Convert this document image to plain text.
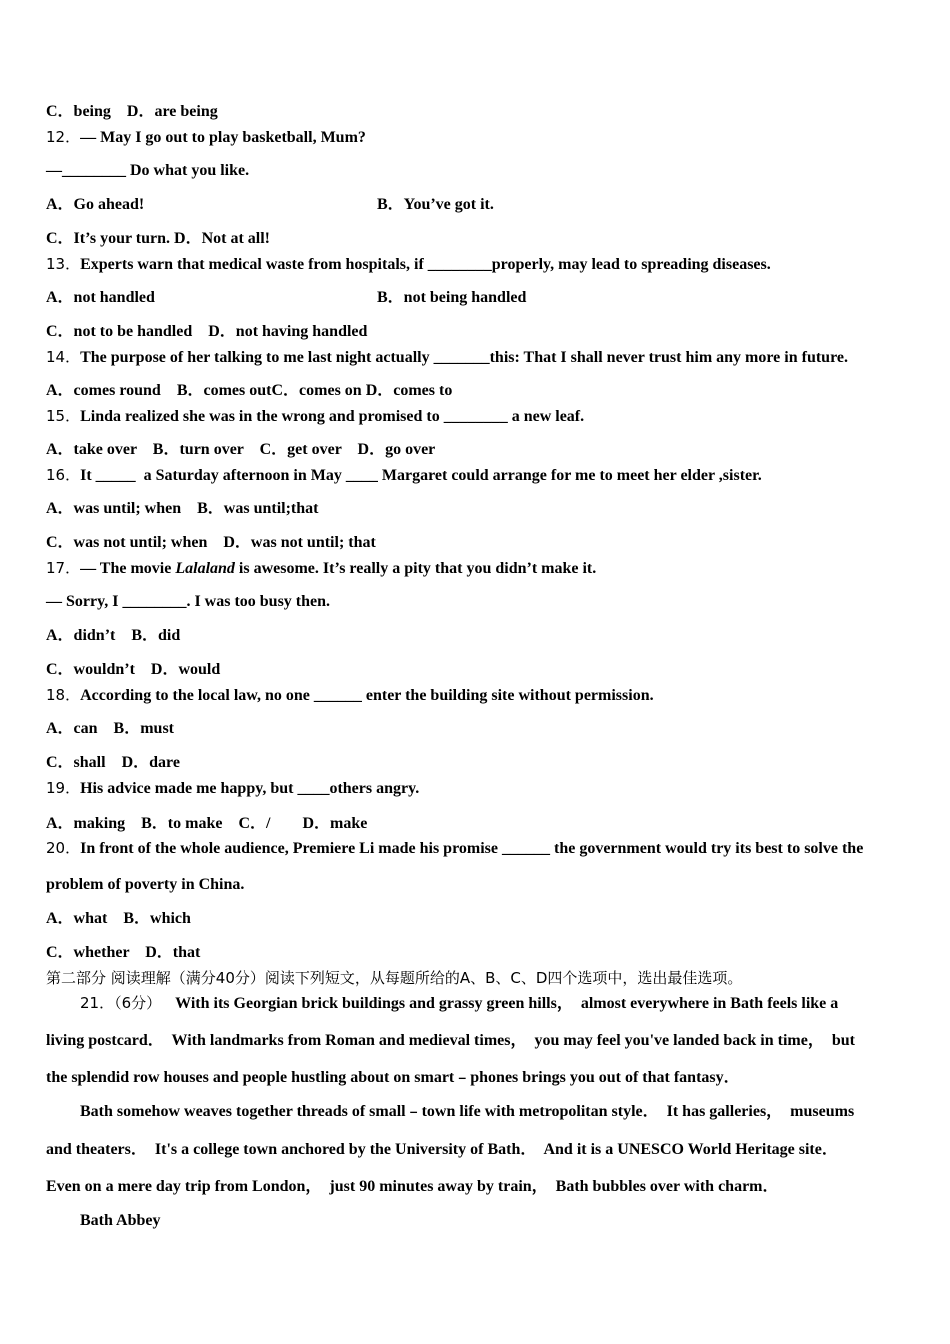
C．being　D．are being
12．— May I go out to play basketball, Mum?
—________ Do what you like.
A．Go ahead!	B．You’ve got it.
C．It’s your turn. D．Not at all!
13．Experts warn that medical waste from hospitals, if ________properly, may lead to spreading diseases.
A．not handled	B．not being handled
C．not to be handled　D．not having handled
14．The purpose of her talking to me last night actually _______this: That I shall never trust him any more in future.
A．comes round　B．comes outC．comes on D．comes to
15．Linda realized she was in the wrong and promised to ________ a new leaf.
A．take over　B．turn over　C．get over　D．go over
16．It _____  a Saturday afternoon in May ____ Margaret could arrange for me to meet her elder ,sister.
A．was until; when　B．was until;that
C．was not until; when　D．was not until; that
17．— The movie Lalaland is awesome. It’s really a pity that you didn’t make it.
— Sorry, I ________. I was too busy then.
A．didn’t　B．did
C．wouldn’t　D．would
18．According to the local law, no one ______ enter the building site without permission.
A．can　B．must
C．shall　D．dare
19．His advice made me happy, but ____others angry.
A．making　B．to make　C．/　　D．make
20．In front of the whole audience, Premiere Li made his promise ______ the government would try its best to solve the
problem of poverty in China.
A．what　B．which
C．whether　D．that
第二部分 阅读理解（满分40分）阅读下列短文，从每题所给的A、B、C、D四个选项中，选出最佳选项。
21．（6分） With its Georgian brick buildings and grassy green hills，  almost everywhere in Bath feels like a
living postcard．  With landmarks from Roman and medieval times，  you may feel you've landed back in time，  but
the splendid row houses and people hustling about on smart﹣phones brings you out of that fantasy．
Bath somehow weaves together threads of small﹣town life with metropolitan style．  It has galleries，  museums
and theaters．  It's a college town anchored by the University of Bath．  And it is a UNESCO World Heritage site．
Even on a mere day trip from London，  just 90 minutes away by train，  Bath bubbles over with charm．
Bath Abbey
